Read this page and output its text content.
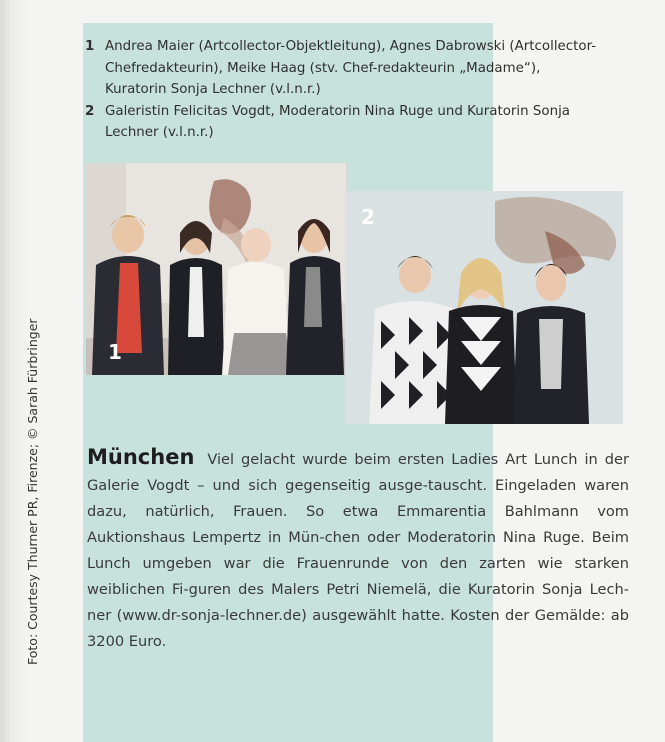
Foto: Courtesy Thurner PR, Firenze; © Sarah Fürbringer
1 Andrea Maier (Artcollector-Objektleitung), Agnes Dabrowski (Artcollector-Chefredakteurin), Meike Haag (stv. Chef-redakteurin „Madame“), Kuratorin Sonja Lechner (v.l.n.r.)
2 Galeristin Felicitas Vogdt, Moderatorin Nina Ruge und Kuratorin Sonja Lechner (v.l.n.r.)
1
2
München Viel gelacht wurde beim ersten Ladies Art Lunch in der Galerie Vogdt – und sich gegenseitig ausge-tauscht. Eingeladen waren dazu, natürlich, Frauen. So etwa Emmarentia Bahlmann vom Auktionshaus Lempertz in Mün-chen oder Moderatorin Nina Ruge. Beim Lunch umgeben war die Frauenrunde von den zarten wie starken weiblichen Fi-guren des Malers Petri Niemelä, die Kuratorin Sonja Lech-ner (www.dr-sonja-lechner.de) ausgewählt hatte. Kosten der Gemälde: ab 3200 Euro.
